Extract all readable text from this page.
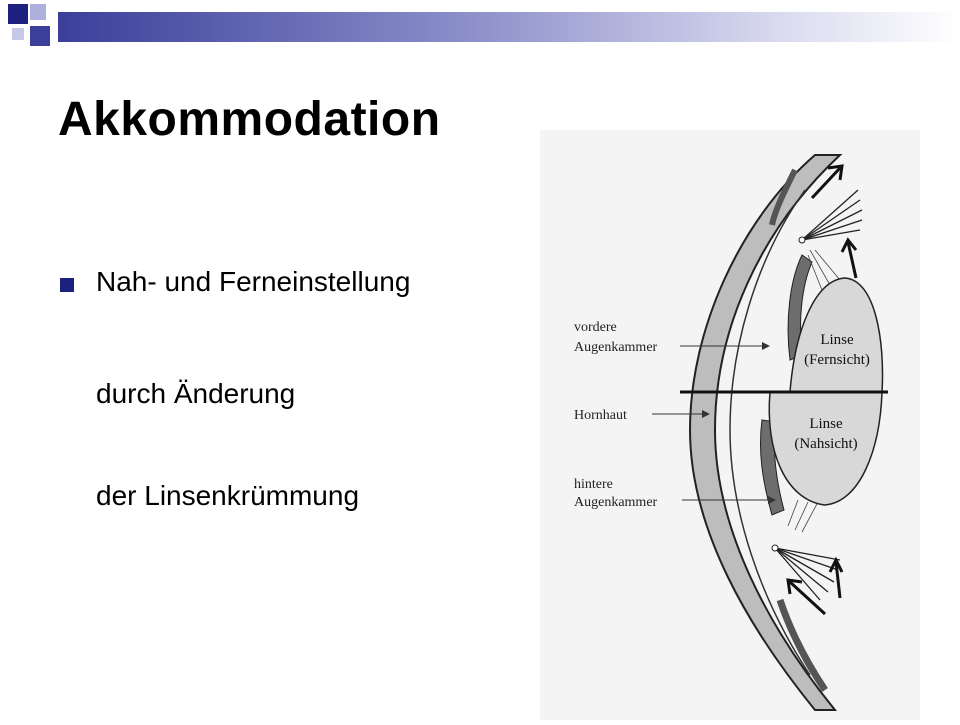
Akkommodation
Nah- und Ferneinstellung
durch Änderung
der Linsenkrümmung
vordere
Augenkammer
Hornhaut
hintere
Augenkammer
Linse
(Fernsicht)
Linse
(Nahsicht)
